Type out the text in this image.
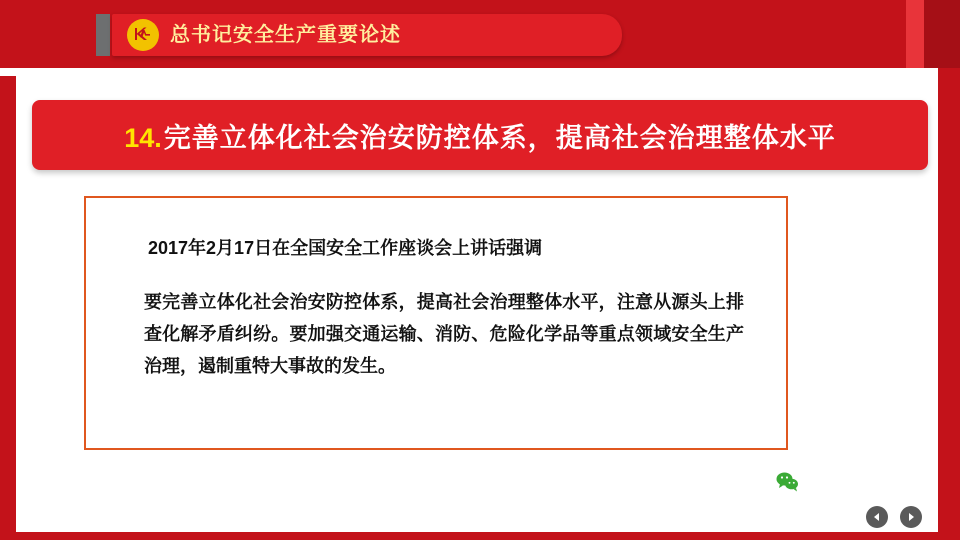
总书记安全生产重要论述
14. 完善立体化社会治安防控体系，提高社会治理整体水平
2017年2月17日在全国安全工作座谈会上讲话强调
要完善立体化社会治安防控体系，提高社会治理整体水平，注意从源头上排查化解矛盾纠纷。要加强交通运输、消防、危险化学品等重点领域安全生产治理，遏制重特大事故的发生。
每日安全生产
